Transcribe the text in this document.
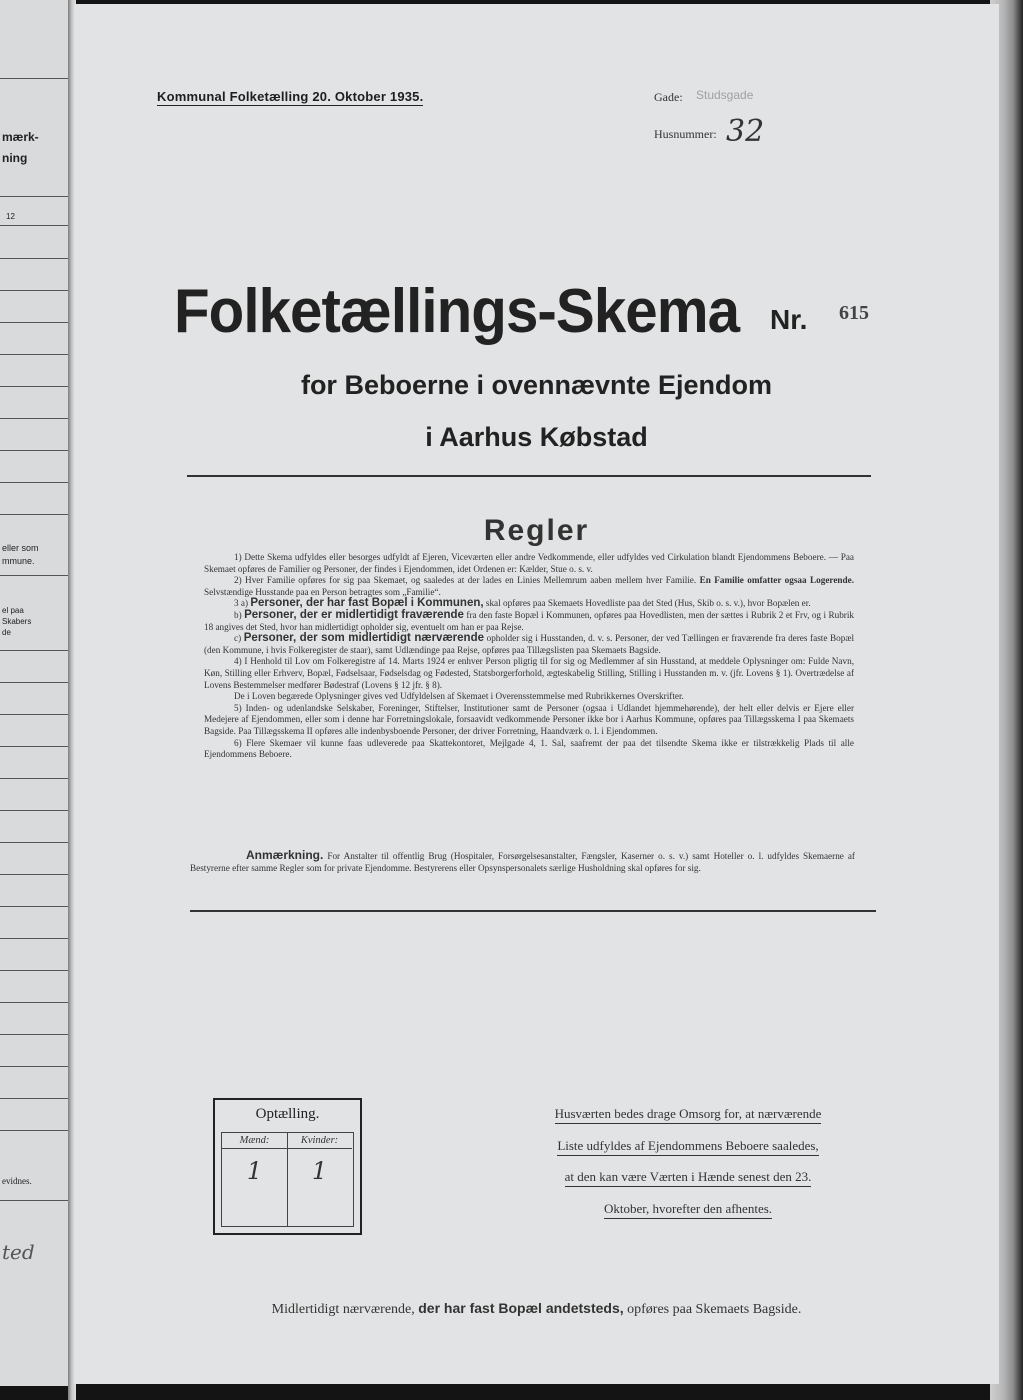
mærk-
ning
12
eller som
mmune.
el paa
Skabers
de
evidnes.
ted
Kommunal Folketælling 20. Oktober 1935.	Gade: Studsgade
Husnummer: 32
Folketællings-Skema Nr. 615
for Beboerne i ovennævnte Ejendom
i Aarhus Købstad
Regler

1) Dette Skema udfyldes eller besorges udfyldt af Ejeren, Viceværten eller andre Vedkommende, eller udfyldes ved Cirkulation blandt Ejendommens Beboere. — Paa Skemaet opføres de Familier og Personer, der findes i Ejendommen, idet Ordenen er: Kælder, Stue o. s. v.

2) Hver Familie opføres for sig paa Skemaet, og saaledes at der lades en Linies Mellemrum aaben mellem hver Familie. En Familie omfatter ogsaa Logerende. Selvstændige Husstande paa en Person betragtes som „Familie“.

3 a) Personer, der har fast Bopæl i Kommunen, skal opføres paa Skemaets Hovedliste paa det Sted (Hus, Skib o. s. v.), hvor Bopælen er.

b) Personer, der er midlertidigt fraværende fra den faste Bopæl i Kommunen, opføres paa Hovedlisten, men der sættes i Rubrik 2 et Frv, og i Rubrik 18 angives det Sted, hvor han midlertidigt opholder sig, eventuelt om han er paa Rejse.

c) Personer, der som midlertidigt nærværende opholder sig i Husstanden, d. v. s. Personer, der ved Tællingen er fraværende fra deres faste Bopæl (den Kommune, i hvis Folkeregister de staar), samt Udlændinge paa Rejse, opføres paa Tillægslisten paa Skemaets Bagside.

4) I Henhold til Lov om Folkeregistre af 14. Marts 1924 er enhver Person pligtig til for sig og Medlemmer af sin Husstand, at meddele Oplysninger om: Fulde Navn, Køn, Stilling eller Erhverv, Bopæl, Fødselsaar, Fødselsdag og Fødested, Statsborgerforhold, ægteskabelig Stilling, Stilling i Husstanden m. v. (jfr. Lovens § 1). Overtrædelse af Lovens Bestemmelser medfører Bødestraf (Lovens § 12 jfr. § 8).

De i Loven begærede Oplysninger gives ved Udfyldelsen af Skemaet i Overensstemmelse med Rubrikkernes Overskrifter.

5) Inden- og udenlandske Selskaber, Foreninger, Stiftelser, Institutioner samt de Personer (ogsaa i Udlandet hjemmehørende), der helt eller delvis er Ejere eller Medejere af Ejendommen, eller som i denne har Forretningslokale, forsaavidt vedkommende Personer ikke bor i Aarhus Kommune, opføres paa Tillægsskema I paa Skemaets Bagside. Paa Tillægsskema II opføres alle indenbysboende Personer, der driver Forretning, Haandværk o. l. i Ejendommen.

6) Flere Skemaer vil kunne faas udleverede paa Skattekontoret, Mejlgade 4, 1. Sal, saafremt der paa det tilsendte Skema ikke er tilstrækkelig Plads til alle Ejendommens Beboere.

Anmærkning. For Anstalter til offentlig Brug (Hospitaler, Forsørgelsesanstalter, Fængsler, Kaserner o. s. v.) samt Hoteller o. l. udfyldes Skemaerne af Bestyrerne efter samme Regler som for private Ejendomme. Bestyrerens eller Opsynspersonalets særlige Husholdning skal opføres for sig.
Optælling.
Mænd:
1
Kvinder:
1
Husværten bedes drage Omsorg for, at nærværende
Liste udfyldes af Ejendommens Beboere saaledes,
at den kan være Værten i Hænde senest den 23.
Oktober, hvorefter den afhentes.
Midlertidigt nærværende, der har fast Bopæl andetsteds, opføres paa Skemaets Bagside.
